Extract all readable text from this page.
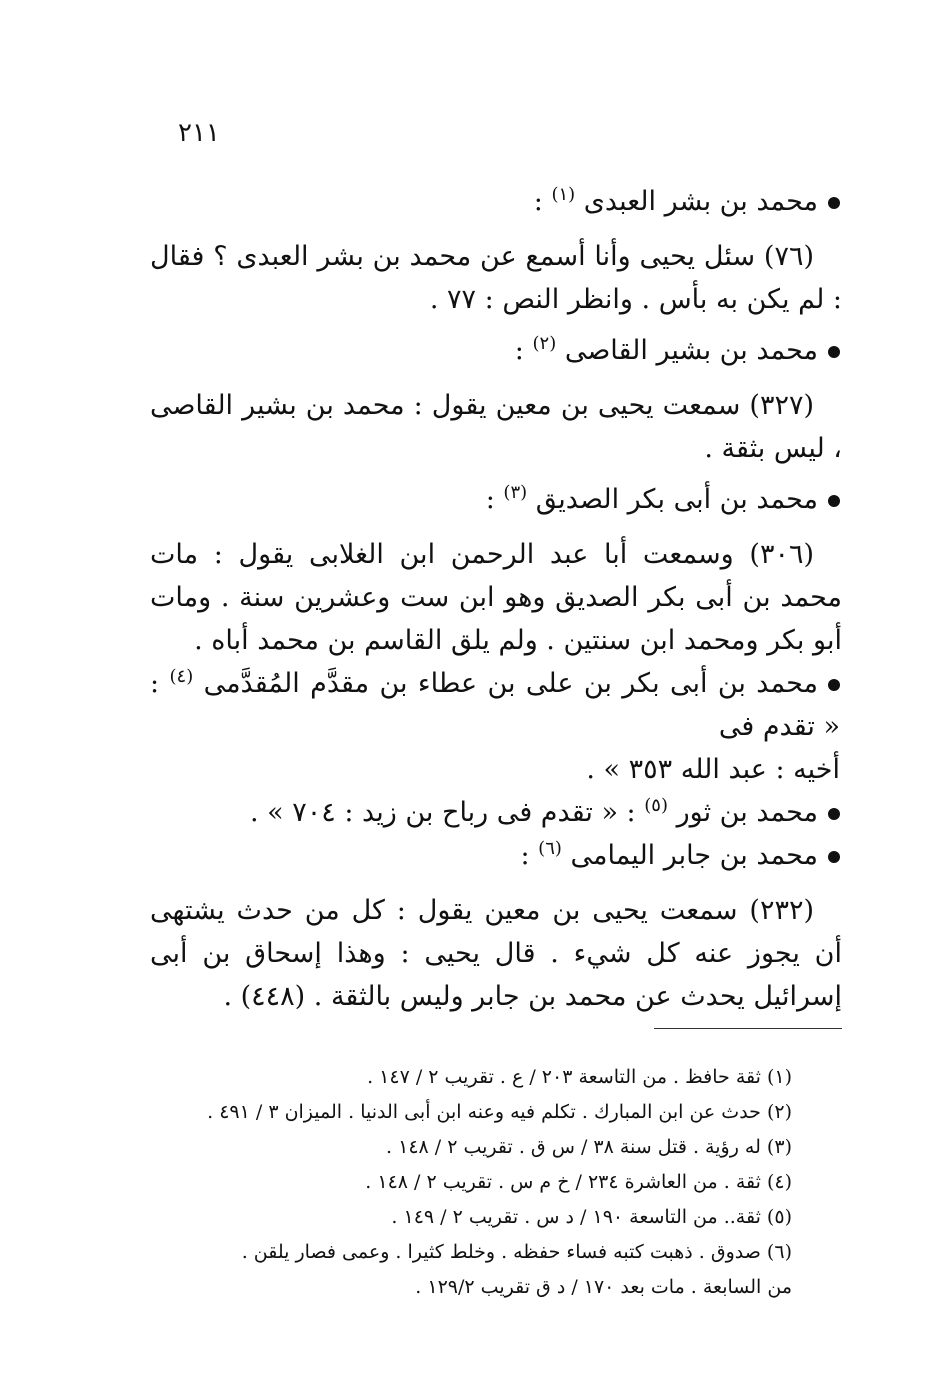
٢١١

محمد بن بشر العبدى $^{(١)}$ :

(٧٦) سئل يحيى وأنا أسمع عن محمد بن بشر العبدى ؟ فقال : لم يكن به بأس . وانظر النص : ٧٧ .

محمد بن بشير القاصى $^{(٢)}$ :

(٣٢٧) سمعت يحيى بن معين يقول : محمد بن بشير القاصى ، ليس بثقة .

محمد بن أبى بكر الصديق $^{(٣)}$ :

(٣٠٦) وسمعت أبا عبد الرحمن ابن الغلابى يقول : مات محمد بن أبى بكر الصديق وهو ابن ست وعشرين سنة . ومات أبو بكر ومحمد ابن سنتين . ولم يلق القاسم بن محمد أباه .

محمد بن أبى بكر بن على بن عطاء بن مقدَّم المُقدَّمى $^{(٤)}$ : « تقدم فى
أخيه : عبد الله ٣٥٣ » .

محمد بن ثور $^{(٥)}$ : « تقدم فى رباح بن زيد : ٧٠٤ » .

محمد بن جابر اليمامى $^{(٦)}$ :

(٢٣٢) سمعت يحيى بن معين يقول : كل من حدث يشتهى أن يجوز عنه كل شيء . قال يحيى : وهذا إسحاق بن أبى إسرائيل يحدث عن محمد بن جابر وليس بالثقة . (٤٤٨) .

(١) ثقة حافظ . من التاسعة ٢٠٣ / ع . تقريب ٢ / ١٤٧ .

(٢) حدث عن ابن المبارك . تكلم فيه وعنه ابن أبى الدنيا . الميزان ٣ / ٤٩١ .

(٣) له رؤية . قتل سنة ٣٨ / س ق . تقريب ٢ / ١٤٨ .

(٤) ثقة . من العاشرة ٢٣٤ / خ م س . تقريب ٢ / ١٤٨ .

(٥) ثقة.. من التاسعة ١٩٠ / د س . تقريب ٢ / ١٤٩ .

(٦) صدوق . ذهبت كتبه فساء حفظه . وخلط كثيرا . وعمى فصار يلقن .

من السابعة . مات بعد ١٧٠ / د ق تقريب ١٢٩/٢ .
